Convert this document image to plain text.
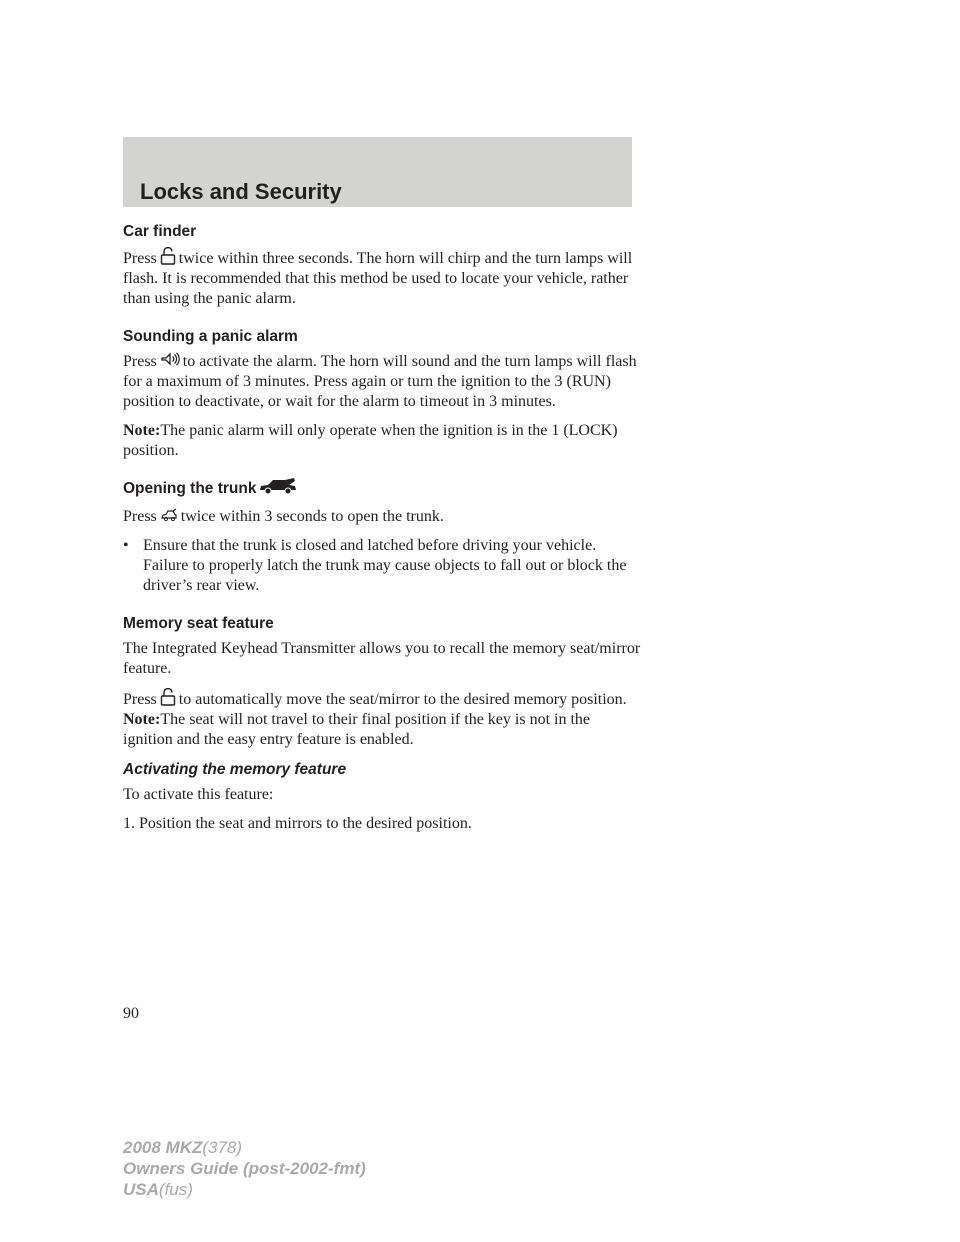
Locks and Security
Car finder

Press twice within three seconds. The horn will chirp and the turn lamps will flash. It is recommended that this method be used to locate your vehicle, rather than using the panic alarm.

Sounding a panic alarm

Press to activate the alarm. The horn will sound and the turn lamps will flash for a maximum of 3 minutes. Press again or turn the ignition to the 3 (RUN) position to deactivate, or wait for the alarm to timeout in 3 minutes.

Note:The panic alarm will only operate when the ignition is in the 1 (LOCK) position.

Opening the trunk

Press twice within 3 seconds to open the trunk.

• Ensure that the trunk is closed and latched before driving your vehicle. Failure to properly latch the trunk may cause objects to fall out or block the driver’s rear view.
Memory seat feature

The Integrated Keyhead Transmitter allows you to recall the memory seat/mirror feature.

Press to automatically move the seat/mirror to the desired memory position. Note:The seat will not travel to their final position if the key is not in the ignition and the easy entry feature is enabled.

Activating the memory feature

To activate this feature:

1. Position the seat and mirrors to the desired position.

90

2008 MKZ(378)
Owners Guide (post-2002-fmt)
USA(fus)
